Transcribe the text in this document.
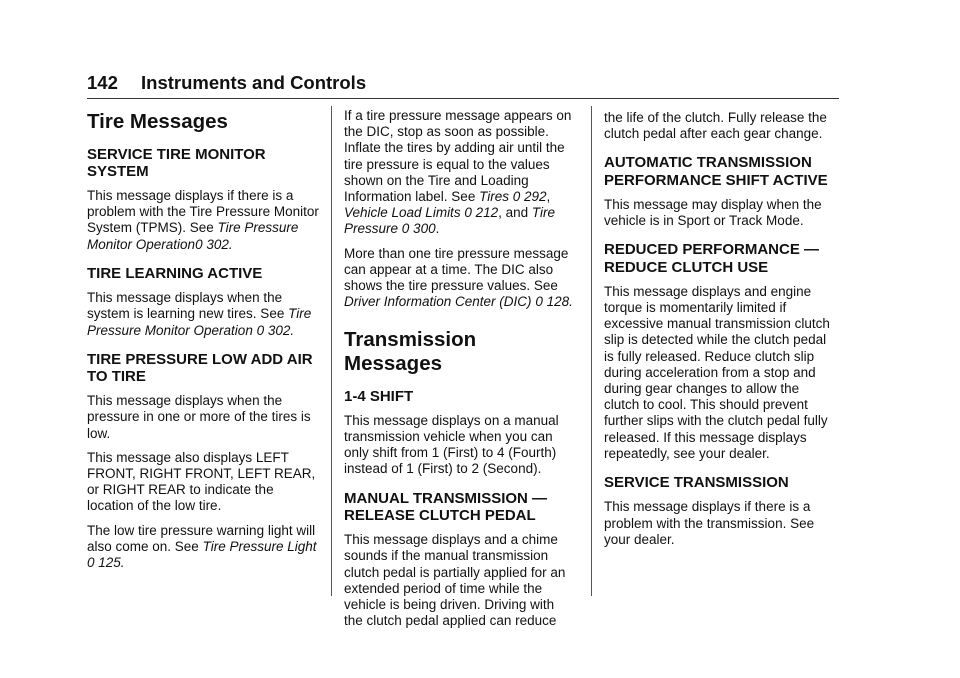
142 Instruments and Controls
Tire Messages
SERVICE TIRE MONITOR SYSTEM

This message displays if there is a problem with the Tire Pressure Monitor System (TPMS). See Tire Pressure Monitor Operation0 302.

TIRE LEARNING ACTIVE

This message displays when the system is learning new tires. See Tire Pressure Monitor Operation 0 302.

TIRE PRESSURE LOW ADD AIR TO TIRE

This message displays when the pressure in one or more of the tires is low.

This message also displays LEFT FRONT, RIGHT FRONT, LEFT REAR, or RIGHT REAR to indicate the location of the low tire.

The low tire pressure warning light will also come on. See Tire Pressure Light 0 125.

If a tire pressure message appears on the DIC, stop as soon as possible. Inflate the tires by adding air until the tire pressure is equal to the values shown on the Tire and Loading Information label. See Tires 0 292, Vehicle Load Limits 0 212, and Tire Pressure 0 300.

More than one tire pressure message can appear at a time. The DIC also shows the tire pressure values. See Driver Information Center (DIC) 0 128.

Transmission Messages
1-4 SHIFT

This message displays on a manual transmission vehicle when you can only shift from 1 (First) to 4 (Fourth) instead of 1 (First) to 2 (Second).

MANUAL TRANSMISSION — RELEASE CLUTCH PEDAL

This message displays and a chime sounds if the manual transmission clutch pedal is partially applied for an extended period of time while the vehicle is being driven. Driving with the clutch pedal applied can reduce

the life of the clutch. Fully release the clutch pedal after each gear change.

AUTOMATIC TRANSMISSION PERFORMANCE SHIFT ACTIVE

This message may display when the vehicle is in Sport or Track Mode.

REDUCED PERFORMANCE — REDUCE CLUTCH USE

This message displays and engine torque is momentarily limited if excessive manual transmission clutch slip is detected while the clutch pedal is fully released. Reduce clutch slip during acceleration from a stop and during gear changes to allow the clutch to cool. This should prevent further slips with the clutch pedal fully released. If this message displays repeatedly, see your dealer.

SERVICE TRANSMISSION

This message displays if there is a problem with the transmission. See your dealer.
